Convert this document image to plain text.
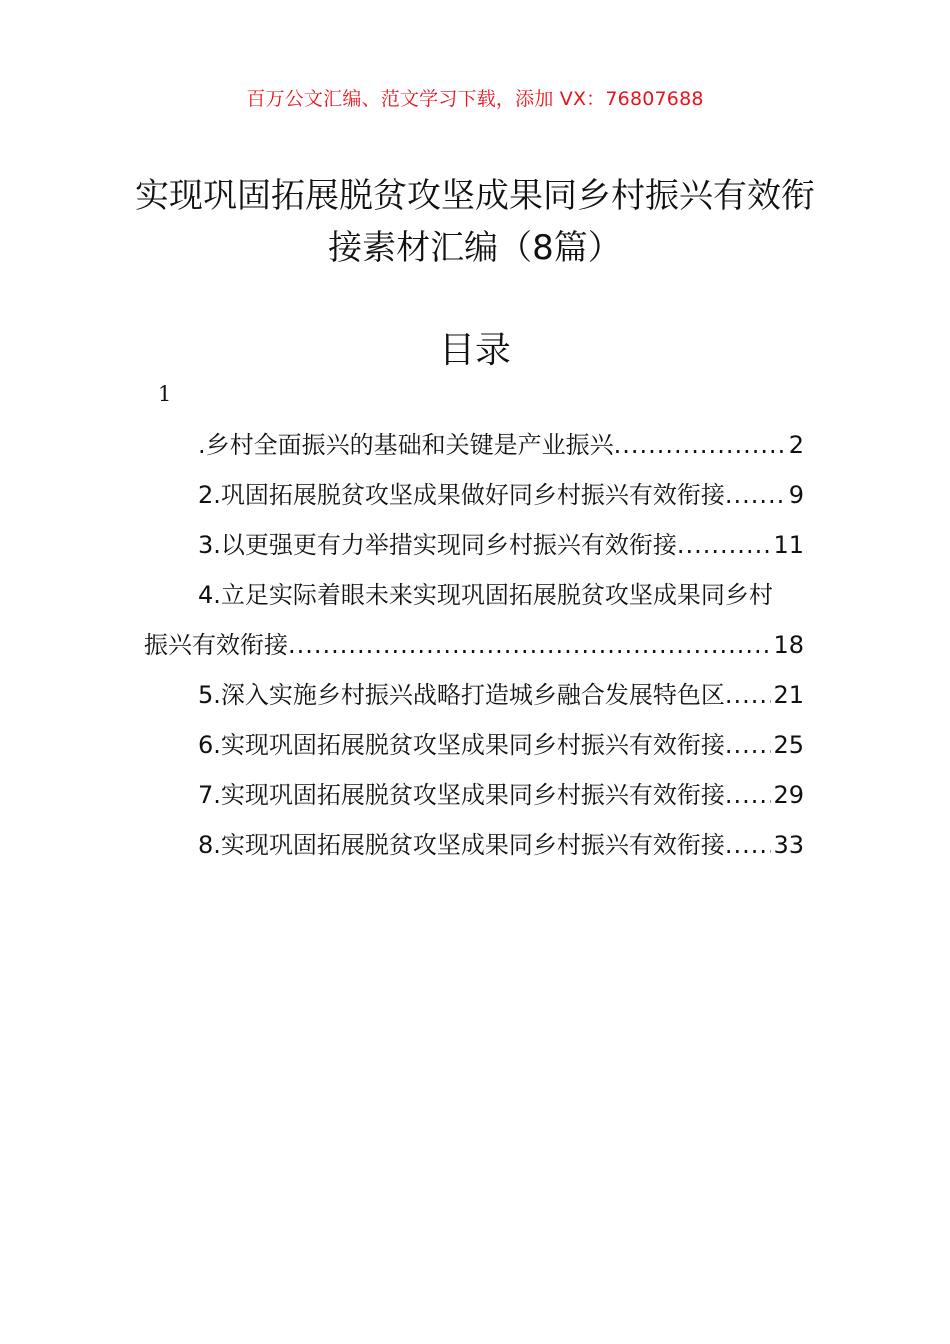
百万公文汇编、范文学习下载，添加 VX：76807688
实现巩固拓展脱贫攻坚成果同乡村振兴有效衔接素材汇编（8篇）
目录
1
.乡村全面振兴的基础和关键是产业振兴 .....	2
2.巩固拓展脱贫攻坚成果做好同乡村振兴有效衔接 .....	9
3.以更强更有力举措实现同乡村振兴有效衔接 .....	11
4.立足实际着眼未来实现巩固拓展脱贫攻坚成果同乡村
振兴有效衔接 .....	18
5.深入实施乡村振兴战略打造城乡融合发展特色区 ..... 21
6.实现巩固拓展脱贫攻坚成果同乡村振兴有效衔接 ..... 25
7.实现巩固拓展脱贫攻坚成果同乡村振兴有效衔接 ..... 29
8.实现巩固拓展脱贫攻坚成果同乡村振兴有效衔接 ..... 33
